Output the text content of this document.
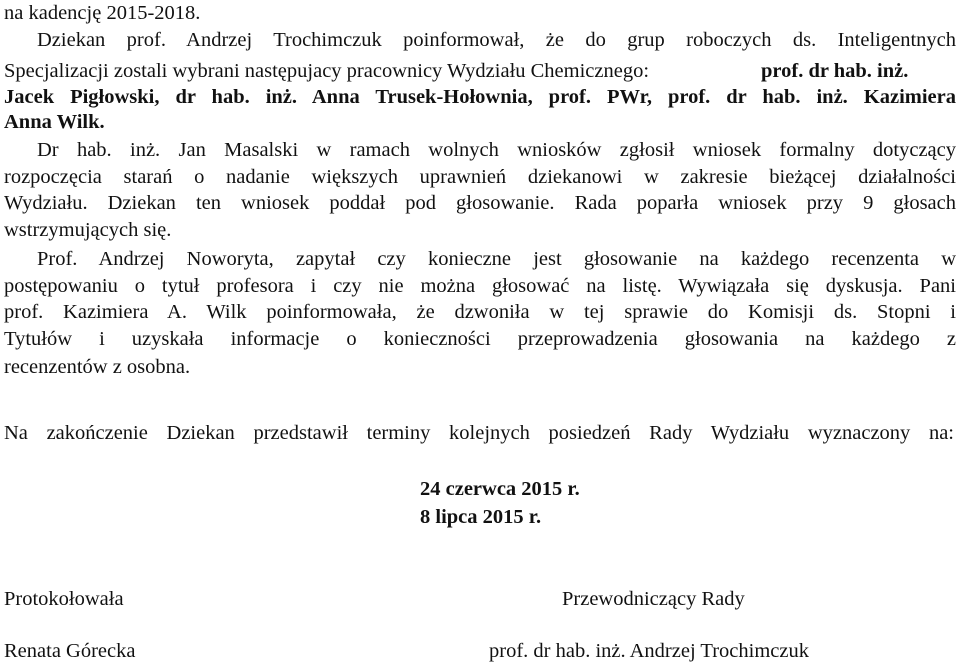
na kadencję 2015-2018.
Dziekan prof. Andrzej Trochimczuk poinformował, że do grup roboczych ds. Inteligentnych
Specjalizacji zostali wybrani następujacy pracownicy Wydziału Chemicznego:	prof. dr hab. inż.
Jacek Pigłowski, dr hab. inż. Anna Trusek-Hołownia, prof. PWr, prof. dr hab. inż. Kazimiera
Anna Wilk.
Dr hab. inż. Jan Masalski w ramach wolnych wniosków zgłosił wniosek formalny dotyczący
rozpoczęcia starań o nadanie większych uprawnień dziekanowi w zakresie bieżącej działalności
Wydziału. Dziekan ten wniosek poddał pod głosowanie. Rada poparła wniosek przy 9 głosach
wstrzymujących się.
Prof. Andrzej Noworyta, zapytał czy konieczne jest głosowanie na każdego recenzenta w
postępowaniu o tytuł profesora i czy nie można głosować na listę. Wywiązała się dyskusja. Pani
prof. Kazimiera A. Wilk poinformowała, że dzwoniła w tej sprawie do Komisji ds. Stopni i
Tytułów i uzyskała informacje o konieczności przeprowadzenia głosowania na każdego z
recenzentów z osobna.
Na zakończenie Dziekan przedstawił terminy kolejnych posiedzeń Rady Wydziału wyznaczony na:
24 czerwca 2015 r.
8 lipca 2015 r.
Protokołowała	Przewodniczący Rady
Renata Górecka	prof. dr hab. inż. Andrzej Trochimczuk
